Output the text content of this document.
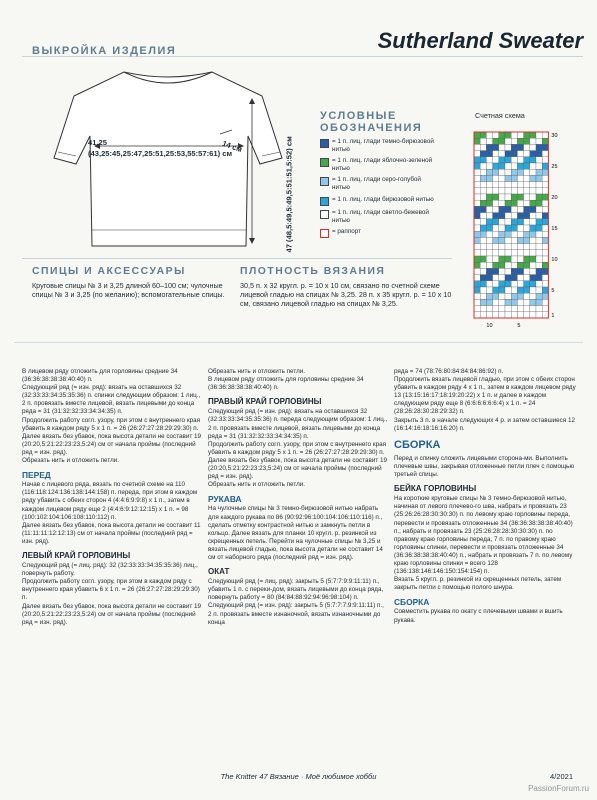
Sutherland Sweater
ВЫКРОЙКА ИЗДЕЛИЯ
41,25 (43,25:45,25:47,25:51,25:53,55:57:61) см
14 см	47 (48,5:49,5:49,5:51:51,5:52) см
УСЛОВНЫЕ
ОБОЗНАЧЕНИЯ
= 1 п. лиц. глади темно-бирюзовой нитью
= 1 п. лиц. глади яблочно-зеленой нитью
= 1 п. лиц. глади серо-голубой нитью
= 1 п. лиц. глади бирюзовой нитью
= 1 п. лиц. глади светло-бежевой нитью
= раппорт
Счетная схема
30
25
20
15
10
5
1
10	5
СПИЦЫ И АКСЕССУАРЫ
Круговые спицы № 3 и 3,25 длиной 60–100 см; чулочные спицы № 3 и 3,25 (по желанию); вспомогательные спицы.
ПЛОТНОСТЬ ВЯЗАНИЯ
30,5 п. х 32 кругл. р. = 10 х 10 см, связано по счетной схеме лицевой гладью на спицах № 3,25. 28 п. х 35 кругл. р. = 10 х 10 см, связано лицевой гладью на спицах № 3,25.

В лицевом ряду отложить для горловины средние 34 (36:36:38:38:38:40:40) п.

Следующий ряд (= изн. ряд): вязать на оставшихся 32 (32:33:33:34:35:35:36) п. спинки следующим образом: 1 лиц., 2 п. провязать вместе лицевой, вязать лицевыми до конца ряда = 31 (31:32:32:33:34:34:35) п.

Продолжить работу согл. узору, при этом с внутреннего края убавить в каждом ряду 5 х 1 п. = 26 (26:27:27:28:29:29:30) п.

Далее вязать без убавок, пока высота детали не составит 19 (20:20,5:21:22:23:23,5:24) см от начала проймы (последний ряд = изн. ряд).

Обрезать нить и отложить петли.

ПЕРЕД

Начав с лицевого ряда, вязать по счетной схеме на 110 (116:118:124:136:138:144:158) п. переда, при этом в каждом ряду убавить с обеих сторон 4 (4:4:6:9:9:8) х 1 п., затем в каждом лицевом ряду еще 2 (4:4:6:9:12:12:15) х 1 п. = 98 (100:102:104:106:108:110:112) п.

Далее вязать без убавок, пока высота детали не составит 11 (11:11:11:12:12:13) см от начала проймы (последний ряд = изн. ряд).

ЛЕВЫЙ КРАЙ ГОРЛОВИНЫ

Следующий ряд (= лиц. ряд): 32 (32:33:33:34:35:35:36) лиц., повернуть работу.

Продолжить работу согл. узору, при этом в каждом ряду с внутреннего края убавить 6 х 1 п. = 26 (26:27:27:28:29:29:30) п.

Далее вязать без убавок, пока высота детали не составит 19 (20:20,5:21:22:23:23,5:24) см от начала проймы (последний ряд = изн. ряд).

Обрезать нить и отложить петли.

В лицевом ряду отложить для горловины средние 34 (36:36:38:38:38:40:40) п.

ПРАВЫЙ КРАЙ ГОРЛОВИНЫ

Следующий ряд (= изн. ряд): вязать на оставшихся 32 (32:33:33:34:35:35:36) п. переда следующим образом: 1 лиц., 2 п. провязать вместе лицевой, вязать лицевыми до конца ряда = 31 (31:32:32:33:34:34:35) п.

Продолжить работу согл. узору, при этом с внутреннего края убавить в каждом ряду 5 х 1 п. = 26 (26:27:27:28:29:29:30) п.

Далее вязать без убавок, пока высота детали не составит 19 (20:20,5:21:22:23:23,5:24) см от начала проймы (последний ряд = изн. ряд).

Обрезать нить и отложить петли.

РУКАВА

На чулочные спицы № 3 темно-бирюзовой нитью набрать для каждого рукава по 86 (90:92:96:100:104:106:110:116) п., сделать отметку контрастной нитью и замкнуть петли в кольцо. Далее вязать для планки 10 кругл. р. резинкой из скрещенных петель. Перейти на чулочные спицы № 3,25 и вязать лицевой гладью, пока высота детали не составит 14 см от наборного ряда (последний ряд = изн. ряд).

ОКАТ

Следующий ряд (= лиц. ряд): закрыть 5 (5:7:7:9:9:11:11) п., убавить 1 п. с переки-дом, вязать лицевыми до конца ряда, повернуть работу = 80 (84:84:88:92:94:96:98:104) п.

Следующий ряд (= изн. ряд): закрыть 5 (5:7:7:7:9:9:11:11) п., 2 п. провязать вместе изнаночной, вязать изнаночными до конца

ряда = 74 (78:76:80:84:84:84:86:92) п.

Продолжить вязать лицевой гладью, при этом с обеих сторон убавить в каждом ряду 4 х 1 п., затем в каждом лицевом ряду 13 (13:15:16:17:18:19:20:22) х 1 п. и далее в каждом следующем ряду еще 8 (6:6:6:6:6:6:4) х 1 п. = 24 (28:26:28:30:28:29:32) п.

Закрыть 3 п. в начале следующих 4 р. и затем оставшиеся 12 (16:14:16:18:16:16:20) п.

СБОРКА

Перед и спинку сложить лицевыми сторона-ми. Выполнить плечевые швы, закрывая отложенные петли плеч с помощью третьей спицы.

БЕЙКА ГОРЛОВИНЫ

На короткие круговые спицы № 3 темно-бирюзовой нитью, начиная от левого плечево-го шва, набрать и провязать 23 (25:26:26:28:30:30:30) п. по левому краю горловины переда, перевести и провязать отложенные 34 (36:36:38:38:38:40:40) п., набрать и провязать 23 (25:26:28:28:30:30:30) п. по правому краю горловины переда, 7 п. по правому краю горловины спинки, перевести и провязать отложенные 34 (36:36:38:38:38:40:40) п., набрать и провязать 7 п. по левому краю горловины спинки = всего 128 (136:138:146:146:150:154:154) п.

Вязать 5 кругл. р. резинкой из скрещенных петель, затем закрыть петли с помощью полого шнура.

СБОРКА

Совместить рукава по окату с плечевыми швами и вшить рукава.

The Knitter 47 Вязание · Моё любимое хобби	4/2021
PassionForum.ru
